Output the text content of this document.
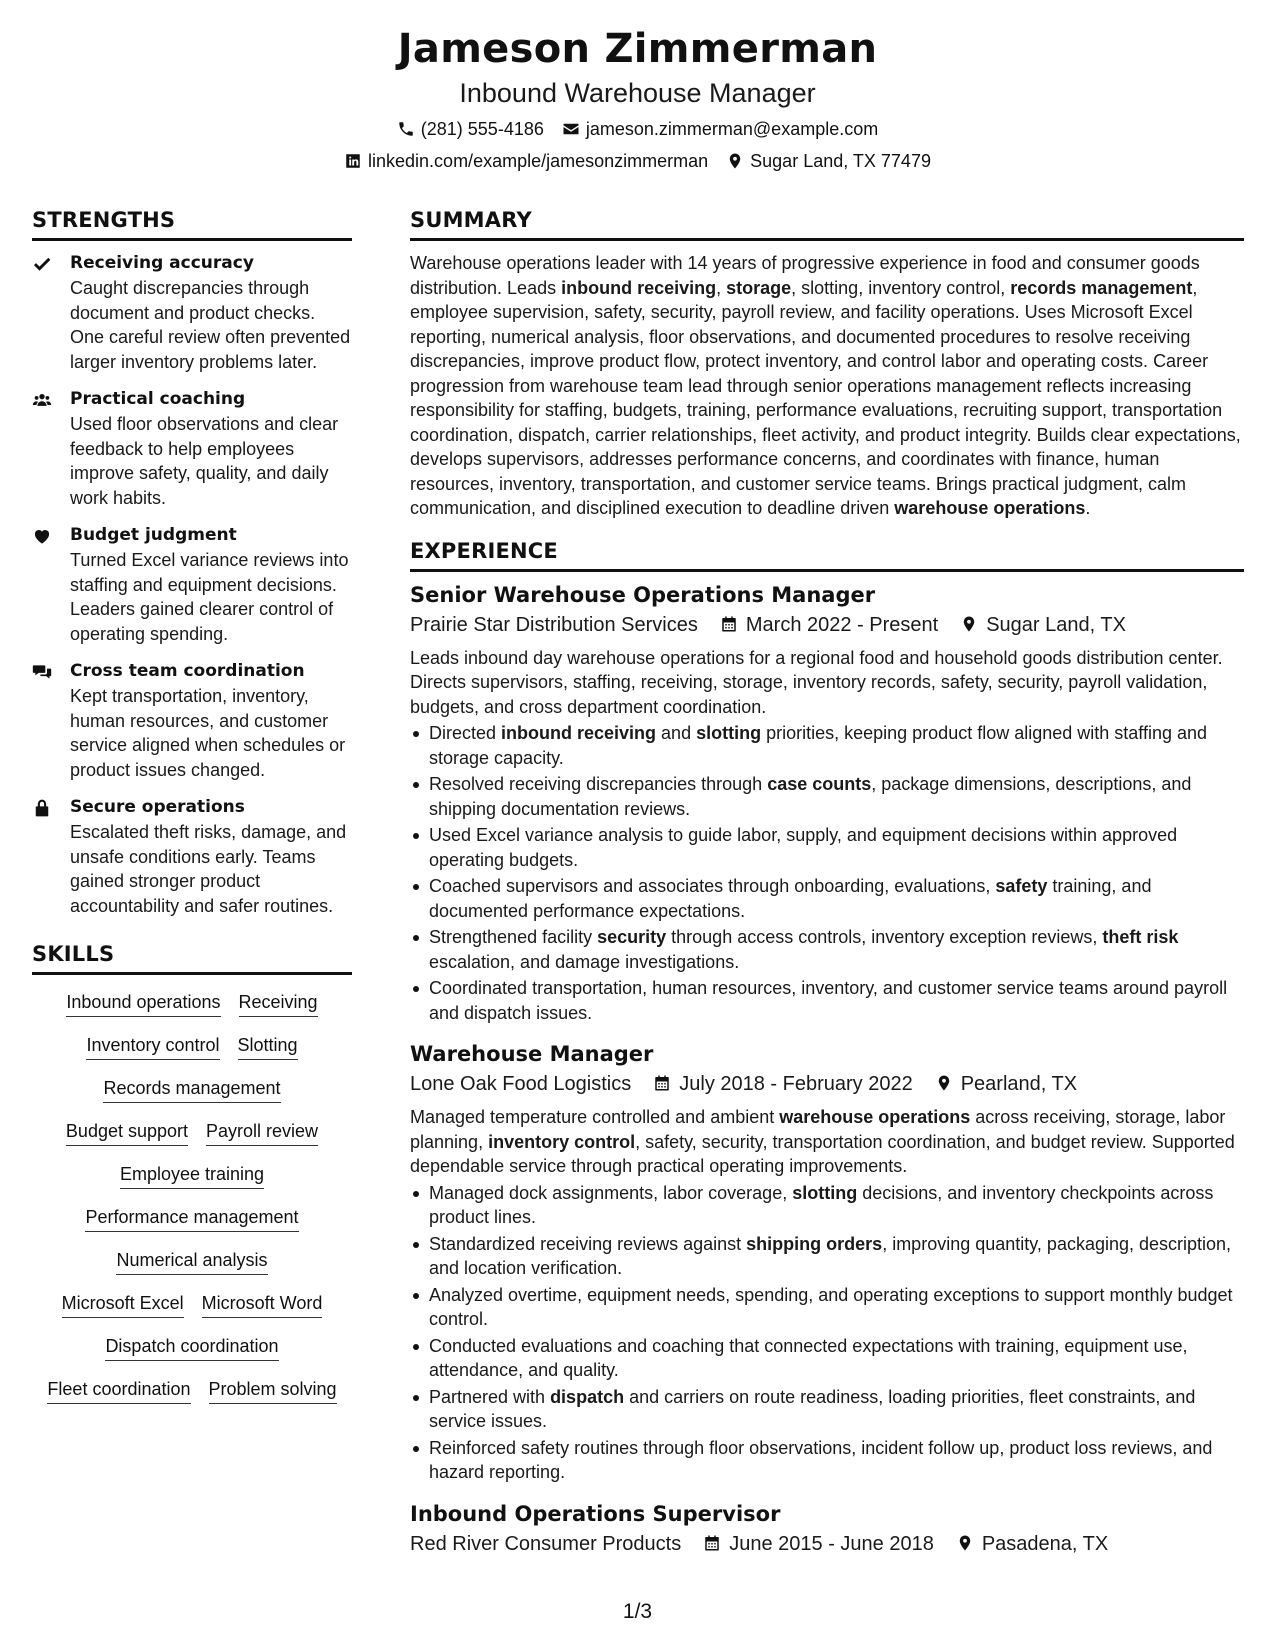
Jameson Zimmerman
Inbound Warehouse Manager
(281) 555-4186 jameson.zimmerman@example.com
linkedin.com/example/jamesonzimmerman Sugar Land, TX 77479
STRENGTHS
Receiving accuracy
Caught discrepancies through document and product checks. One careful review often prevented larger inventory problems later.
Practical coaching
Used floor observations and clear feedback to help employees improve safety, quality, and daily work habits.
Budget judgment
Turned Excel variance reviews into staffing and equipment decisions. Leaders gained clearer control of operating spending.
Cross team coordination
Kept transportation, inventory, human resources, and customer service aligned when schedules or product issues changed.
Secure operations
Escalated theft risks, damage, and unsafe conditions early. Teams gained stronger product accountability and safer routines.
SKILLS
Inbound operations Receiving
Inventory control Slotting
Records management
Budget support Payroll review
Employee training
Performance management
Numerical analysis
Microsoft Excel Microsoft Word
Dispatch coordination
Fleet coordination Problem solving
SUMMARY
Warehouse operations leader with 14 years of progressive experience in food and consumer goods distribution. Leads inbound receiving, storage, slotting, inventory control, records management, employee supervision, safety, security, payroll review, and facility operations. Uses Microsoft Excel reporting, numerical analysis, floor observations, and documented procedures to resolve receiving discrepancies, improve product flow, protect inventory, and control labor and operating costs. Career progression from warehouse team lead through senior operations management reflects increasing responsibility for staffing, budgets, training, performance evaluations, recruiting support, transportation coordination, dispatch, carrier relationships, fleet activity, and product integrity. Builds clear expectations, develops supervisors, addresses performance concerns, and coordinates with finance, human resources, inventory, transportation, and customer service teams. Brings practical judgment, calm communication, and disciplined execution to deadline driven warehouse operations.
EXPERIENCE
Senior Warehouse Operations Manager
Prairie Star Distribution Services March 2022 - Present Sugar Land, TX
Leads inbound day warehouse operations for a regional food and household goods distribution center. Directs supervisors, staffing, receiving, storage, inventory records, safety, security, payroll validation, budgets, and cross department coordination.
Directed inbound receiving and slotting priorities, keeping product flow aligned with staffing and storage capacity.
Resolved receiving discrepancies through case counts, package dimensions, descriptions, and shipping documentation reviews.
Used Excel variance analysis to guide labor, supply, and equipment decisions within approved operating budgets.
Coached supervisors and associates through onboarding, evaluations, safety training, and documented performance expectations.
Strengthened facility security through access controls, inventory exception reviews, theft risk escalation, and damage investigations.
Coordinated transportation, human resources, inventory, and customer service teams around payroll and dispatch issues.
Warehouse Manager
Lone Oak Food Logistics July 2018 - February 2022 Pearland, TX
Managed temperature controlled and ambient warehouse operations across receiving, storage, labor planning, inventory control, safety, security, transportation coordination, and budget review. Supported dependable service through practical operating improvements.
Managed dock assignments, labor coverage, slotting decisions, and inventory checkpoints across product lines.
Standardized receiving reviews against shipping orders, improving quantity, packaging, description, and location verification.
Analyzed overtime, equipment needs, spending, and operating exceptions to support monthly budget control.
Conducted evaluations and coaching that connected expectations with training, equipment use, attendance, and quality.
Partnered with dispatch and carriers on route readiness, loading priorities, fleet constraints, and service issues.
Reinforced safety routines through floor observations, incident follow up, product loss reviews, and hazard reporting.
Inbound Operations Supervisor
Red River Consumer Products June 2015 - June 2018 Pasadena, TX
1/3
